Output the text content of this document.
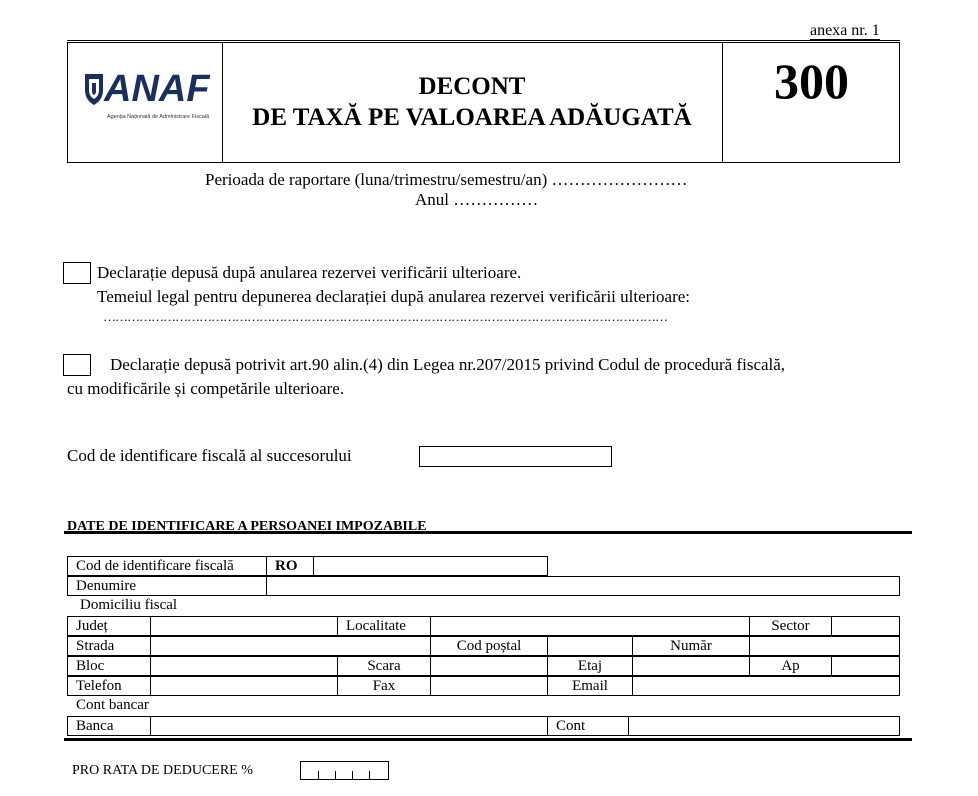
anexa nr. 1
ANAF
Agenția Națională de Administrare Fiscală
DECONT
DE TAXĂ PE VALOAREA ADĂUGATĂ
300
Perioada de raportare (luna/trimestru/semestru/an) ……………………
Anul ……………
Declarație depusă după anularea rezervei verificării ulterioare.
Temeiul legal pentru depunerea declarației după anularea rezervei verificării ulterioare:
……………………………………………………………………………………………………………………………
Declarație depusă potrivit art.90 alin.(4) din Legea nr.207/2015 privind Codul de procedură fiscală,
cu modificările și competările ulterioare.
Cod de identificare fiscală al succesorului
DATE DE IDENTIFICARE A PERSOANEI IMPOZABILE
Cod de identificare fiscală	RO
Denumire
Domiciliu fiscal
Județ	Localitate	Sector
Strada	Cod poștal	Număr
Bloc	Scara	Etaj	Ap
Telefon	Fax	Email
Cont bancar
Banca	Cont
PRO RATA DE DEDUCERE %
